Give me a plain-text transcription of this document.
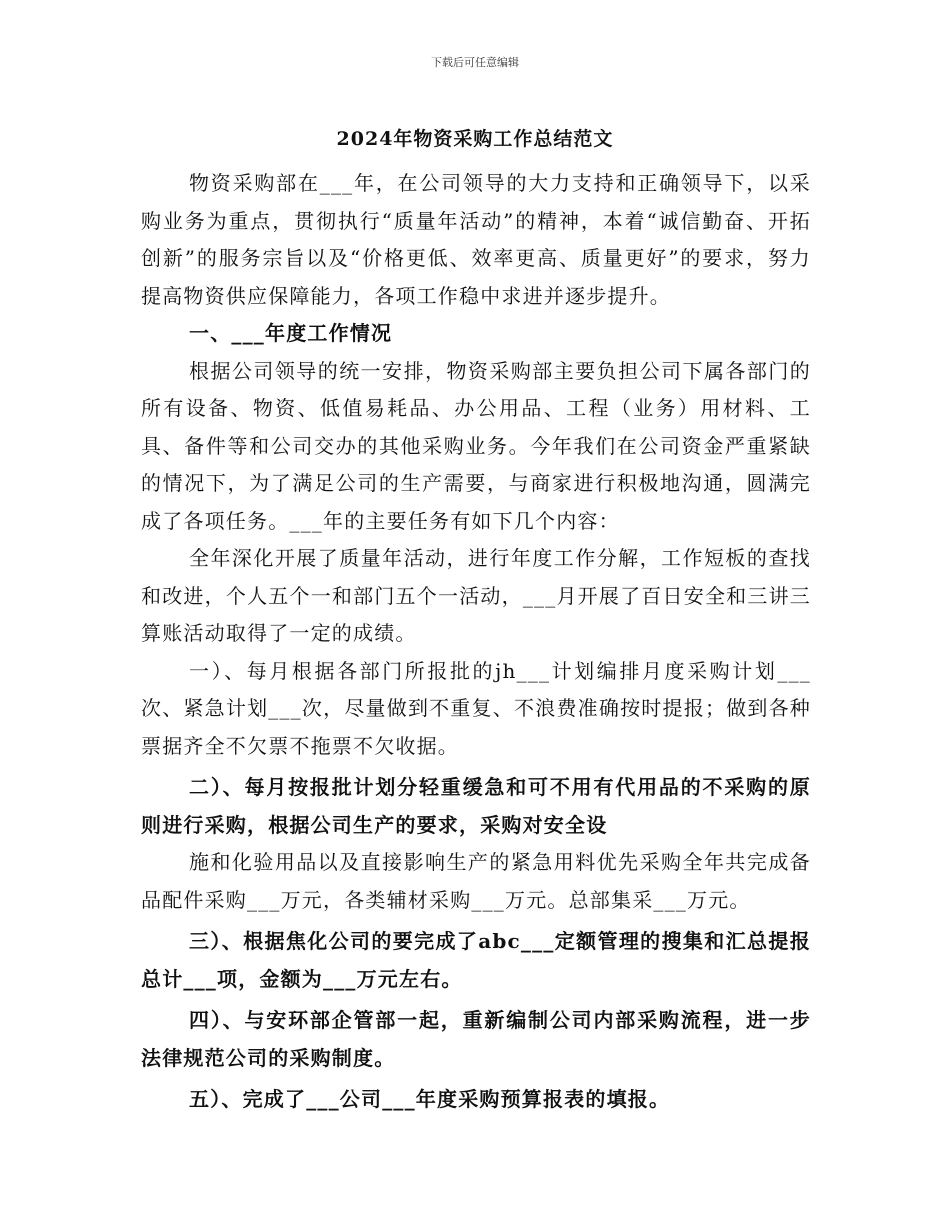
下载后可任意编辑
2024年物资采购工作总结范文

物资采购部在___年，在公司领导的大力支持和正确领导下，以采购业务为重点，贯彻执行“质量年活动”的精神，本着“诚信勤奋、开拓创新”的服务宗旨以及“价格更低、效率更高、质量更好”的要求，努力提高物资供应保障能力，各项工作稳中求进并逐步提升。

一、___年度工作情况

根据公司领导的统一安排，物资采购部主要负担公司下属各部门的所有设备、物资、低值易耗品、办公用品、工程（业务）用材料、工具、备件等和公司交办的其他采购业务。今年我们在公司资金严重紧缺的情况下，为了满足公司的生产需要，与商家进行积极地沟通，圆满完成了各项任务。___年的主要任务有如下几个内容：

全年深化开展了质量年活动，进行年度工作分解，工作短板的查找和改进，个人五个一和部门五个一活动，___月开展了百日安全和三讲三算账活动取得了一定的成绩。

一）、每月根据各部门所报批的jh___计划编排月度采购计划___次、紧急计划___次，尽量做到不重复、不浪费准确按时提报；做到各种票据齐全不欠票不拖票不欠收据。

二）、每月按报批计划分轻重缓急和可不用有代用品的不采购的原则进行采购，根据公司生产的要求，采购对安全设

施和化验用品以及直接影响生产的紧急用料优先采购全年共完成备品配件采购___万元，各类辅材采购___万元。总部集采___万元。

三）、根据焦化公司的要完成了abc___定额管理的搜集和汇总提报总计___项，金额为___万元左右。

四）、与安环部企管部一起，重新编制公司内部采购流程，进一步法律规范公司的采购制度。

五）、完成了___公司___年度采购预算报表的填报。
